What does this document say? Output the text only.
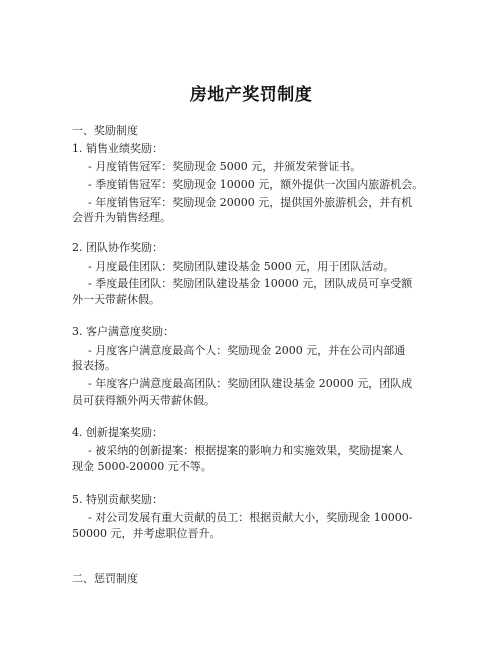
房地产奖罚制度
一、奖励制度
1. 销售业绩奖励：
- 月度销售冠军：奖励现金 5000 元，并颁发荣誉证书。
- 季度销售冠军：奖励现金 10000 元，额外提供一次国内旅游机会。
- 年度销售冠军：奖励现金 20000 元，提供国外旅游机会，并有机
会晋升为销售经理。
2. 团队协作奖励：
- 月度最佳团队：奖励团队建设基金 5000 元，用于团队活动。
- 季度最佳团队：奖励团队建设基金 10000 元，团队成员可享受额
外一天带薪休假。
3. 客户满意度奖励：
- 月度客户满意度最高个人：奖励现金 2000 元，并在公司内部通
报表扬。
- 年度客户满意度最高团队：奖励团队建设基金 20000 元，团队成
员可获得额外两天带薪休假。
4. 创新提案奖励：
- 被采纳的创新提案：根据提案的影响力和实施效果，奖励提案人
现金 5000-20000 元不等。
5. 特别贡献奖励：
- 对公司发展有重大贡献的员工：根据贡献大小，奖励现金 10000-
50000 元，并考虑职位晋升。
二、惩罚制度
